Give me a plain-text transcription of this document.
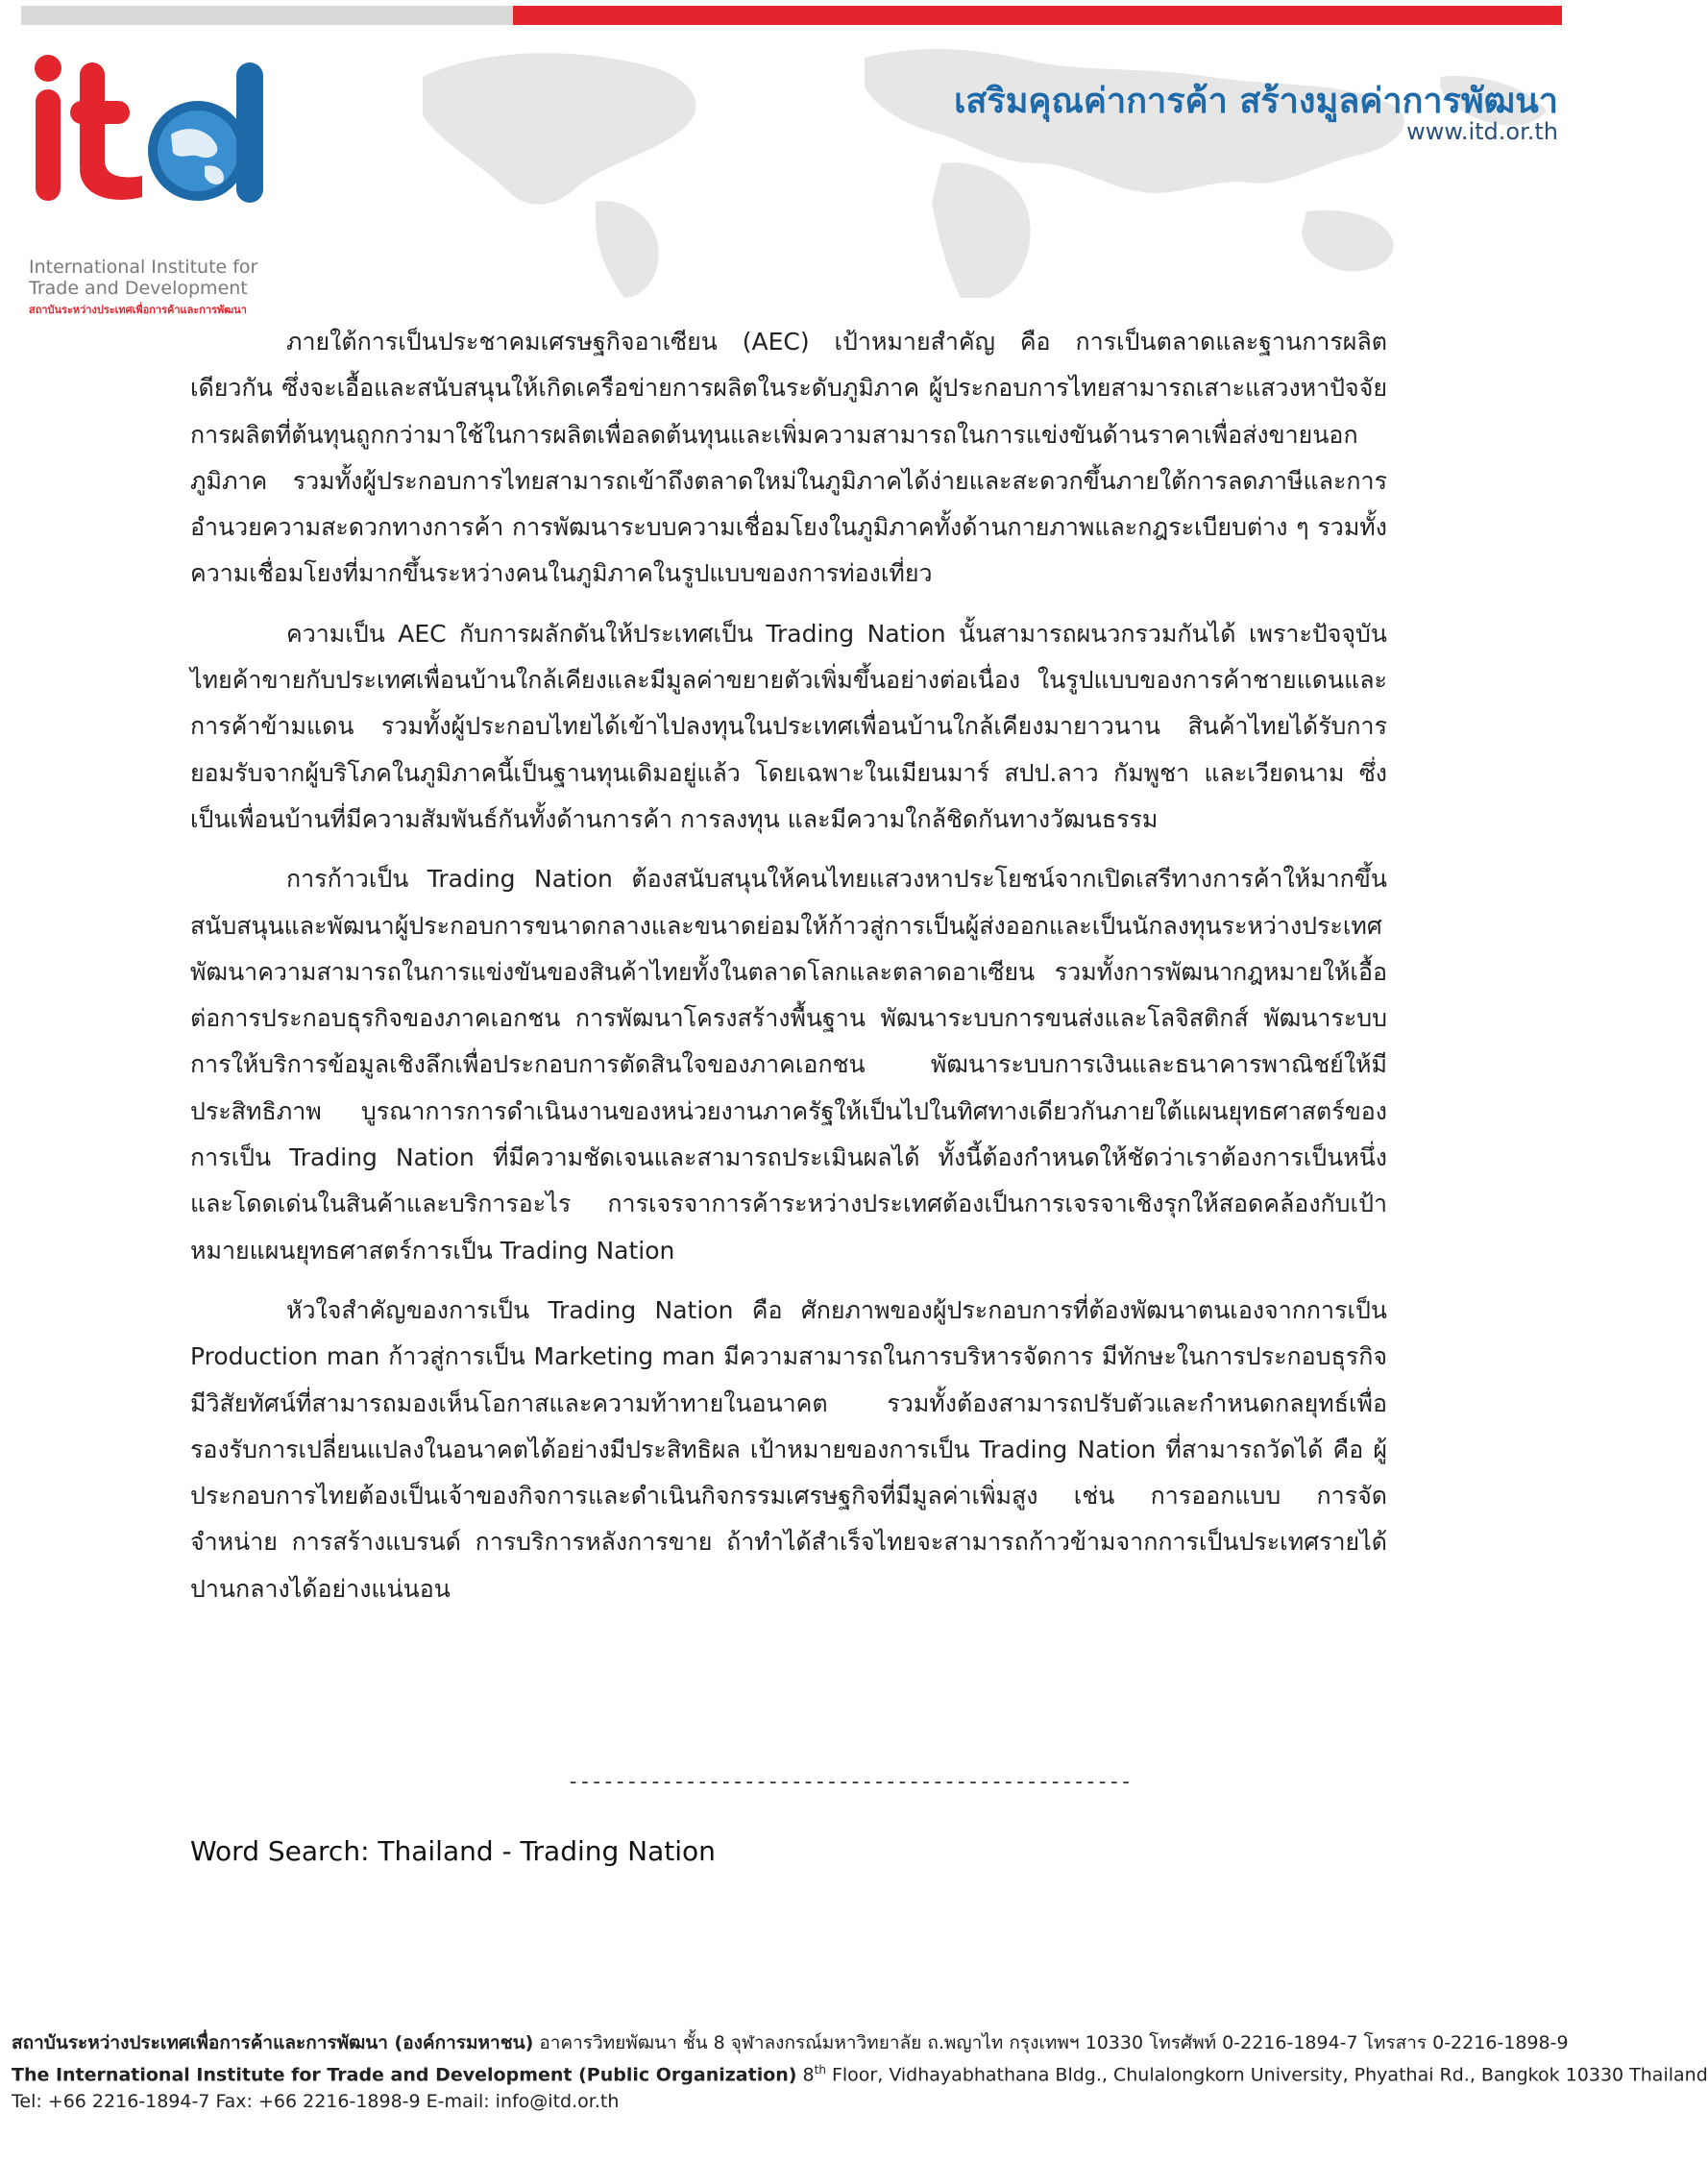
International Institute for
Trade and Development
สถาบันระหว่างประเทศเพื่อการค้าและการพัฒนา
เสริมคุณค่าการค้า สร้างมูลค่าการพัฒนา
www.itd.or.th

ภายใต้การเป็นประชาคมเศรษฐกิจอาเซียน (AEC) เป้าหมายสำคัญ คือ การเป็นตลาดและฐานการผลิตเดียวกัน ซึ่งจะเอื้อและสนับสนุนให้เกิดเครือข่ายการผลิตในระดับภูมิภาค ผู้ประกอบการไทยสามารถเสาะแสวงหาปัจจัยการผลิตที่ต้นทุนถูกกว่ามาใช้ในการผลิตเพื่อลดต้นทุนและเพิ่มความสามารถในการแข่งขันด้านราคาเพื่อส่งขายนอกภูมิภาค รวมทั้งผู้ประกอบการไทยสามารถเข้าถึงตลาดใหม่ในภูมิภาคได้ง่ายและสะดวกขึ้นภายใต้การลดภาษีและการอำนวยความสะดวกทางการค้า การพัฒนาระบบความเชื่อมโยงในภูมิภาคทั้งด้านกายภาพและกฎระเบียบต่าง ๆ รวมทั้งความเชื่อมโยงที่มากขึ้นระหว่างคนในภูมิภาคในรูปแบบของการท่องเที่ยว

ความเป็น AEC กับการผลักดันให้ประเทศเป็น Trading Nation นั้นสามารถผนวกรวมกันได้ เพราะปัจจุบันไทยค้าขายกับประเทศเพื่อนบ้านใกล้เคียงและมีมูลค่าขยายตัวเพิ่มขึ้นอย่างต่อเนื่อง ในรูปแบบของการค้าชายแดนและการค้าข้ามแดน รวมทั้งผู้ประกอบไทยได้เข้าไปลงทุนในประเทศเพื่อนบ้านใกล้เคียงมายาวนาน สินค้าไทยได้รับการยอมรับจากผู้บริโภคในภูมิภาคนี้เป็นฐานทุนเดิมอยู่แล้ว โดยเฉพาะในเมียนมาร์ สปป.ลาว กัมพูชา และเวียดนาม ซึ่งเป็นเพื่อนบ้านที่มีความสัมพันธ์กันทั้งด้านการค้า การลงทุน และมีความใกล้ชิดกันทางวัฒนธรรม

การก้าวเป็น Trading Nation ต้องสนับสนุนให้คนไทยแสวงหาประโยชน์จากเปิดเสรีทางการค้าให้มากขึ้น สนับสนุนและพัฒนาผู้ประกอบการขนาดกลางและขนาดย่อมให้ก้าวสู่การเป็นผู้ส่งออกและเป็นนักลงทุนระหว่างประเทศ พัฒนาความสามารถในการแข่งขันของสินค้าไทยทั้งในตลาดโลกและตลาดอาเซียน รวมทั้งการพัฒนากฎหมายให้เอื้อต่อการประกอบธุรกิจของภาคเอกชน การพัฒนาโครงสร้างพื้นฐาน พัฒนาระบบการขนส่งและโลจิสติกส์ พัฒนาระบบการให้บริการข้อมูลเชิงลึกเพื่อประกอบการตัดสินใจของภาคเอกชน พัฒนาระบบการเงินและธนาคารพาณิชย์ให้มีประสิทธิภาพ บูรณาการการดำเนินงานของหน่วยงานภาครัฐให้เป็นไปในทิศทางเดียวกันภายใต้แผนยุทธศาสตร์ของการเป็น Trading Nation ที่มีความชัดเจนและสามารถประเมินผลได้ ทั้งนี้ต้องกำหนดให้ชัดว่าเราต้องการเป็นหนึ่งและโดดเด่นในสินค้าและบริการอะไร การเจรจาการค้าระหว่างประเทศต้องเป็นการเจรจาเชิงรุกให้สอดคล้องกับเป้าหมายแผนยุทธศาสตร์การเป็น Trading Nation

หัวใจสำคัญของการเป็น Trading Nation คือ ศักยภาพของผู้ประกอบการที่ต้องพัฒนาตนเองจากการเป็น Production man ก้าวสู่การเป็น Marketing man มีความสามารถในการบริหารจัดการ มีทักษะในการประกอบธุรกิจ มีวิสัยทัศน์ที่สามารถมองเห็นโอกาสและความท้าทายในอนาคต รวมทั้งต้องสามารถปรับตัวและกำหนดกลยุทธ์เพื่อรองรับการเปลี่ยนแปลงในอนาคตได้อย่างมีประสิทธิผล เป้าหมายของการเป็น Trading Nation ที่สามารถวัดได้ คือ ผู้ประกอบการไทยต้องเป็นเจ้าของกิจการและดำเนินกิจกรรมเศรษฐกิจที่มีมูลค่าเพิ่มสูง เช่น การออกแบบ การจัดจำหน่าย การสร้างแบรนด์ การบริการหลังการขาย ถ้าทำได้สำเร็จไทยจะสามารถก้าวข้ามจากการเป็นประเทศรายได้ปานกลางได้อย่างแน่นอน

------------------------------------------------
Word Search: Thailand - Trading Nation
สถาบันระหว่างประเทศเพื่อการค้าและการพัฒนา (องค์การมหาชน) อาคารวิทยพัฒนา ชั้น 8 จุฬาลงกรณ์มหาวิทยาลัย ถ.พญาไท กรุงเทพฯ 10330 โทรศัพท์ 0-2216-1894-7 โทรสาร 0-2216-1898-9
The International Institute for Trade and Development (Public Organization) 8th Floor, Vidhayabhathana Bldg., Chulalongkorn University, Phyathai Rd., Bangkok 10330 Thailand
Tel: +66 2216-1894-7 Fax: +66 2216-1898-9 E-mail: info@itd.or.th
